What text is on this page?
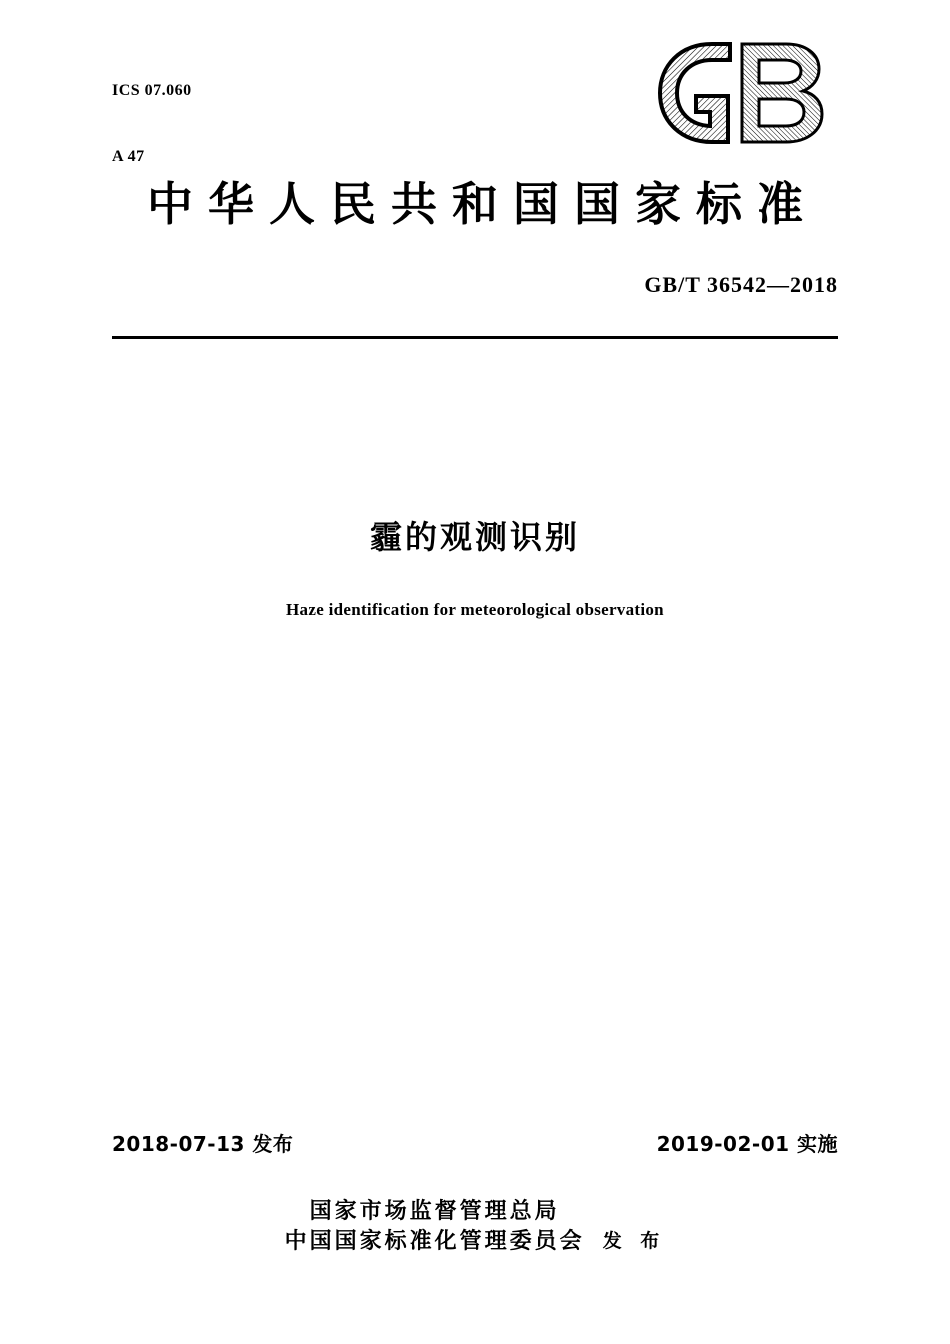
ICS 07.060

A 47

中华人民共和国国家标准
GB/T 36542—2018
霾的观测识别
Haze identification for meteorological observation
2018-07-13 发布	2019-02-01 实施
国家市场监督管理总局
中国国家标准化管理委员会 发 布
